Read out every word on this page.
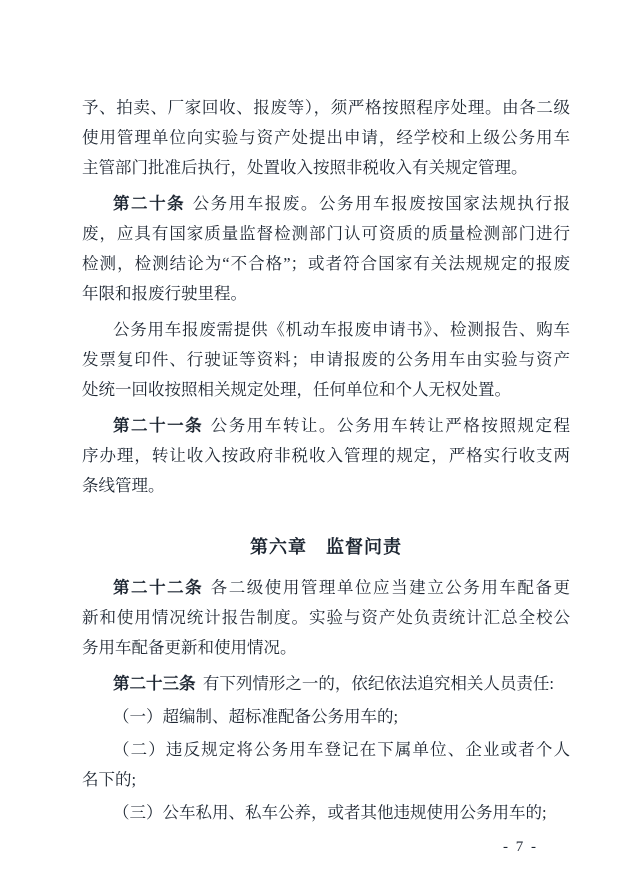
予、拍卖、厂家回收、报废等），须严格按照程序处理。由各二级
使用管理单位向实验与资产处提出申请，经学校和上级公务用车
主管部门批准后执行，处置收入按照非税收入有关规定管理。
第二十条 公务用车报废。公务用车报废按国家法规执行报
废，应具有国家质量监督检测部门认可资质的质量检测部门进行
检测，检测结论为“不合格”；或者符合国家有关法规规定的报废
年限和报废行驶里程。
公务用车报废需提供《机动车报废申请书》、检测报告、购车
发票复印件、行驶证等资料；申请报废的公务用车由实验与资产
处统一回收按照相关规定处理，任何单位和个人无权处置。
第二十一条 公务用车转让。公务用车转让严格按照规定程
序办理，转让收入按政府非税收入管理的规定，严格实行收支两
条线管理。
第六章　监督问责
第二十二条 各二级使用管理单位应当建立公务用车配备更
新和使用情况统计报告制度。实验与资产处负责统计汇总全校公
务用车配备更新和使用情况。
第二十三条 有下列情形之一的，依纪依法追究相关人员责任:
（一）超编制、超标准配备公务用车的;
（二）违反规定将公务用车登记在下属单位、企业或者个人
名下的;
（三）公车私用、私车公养，或者其他违规使用公务用车的;
- 7 -
